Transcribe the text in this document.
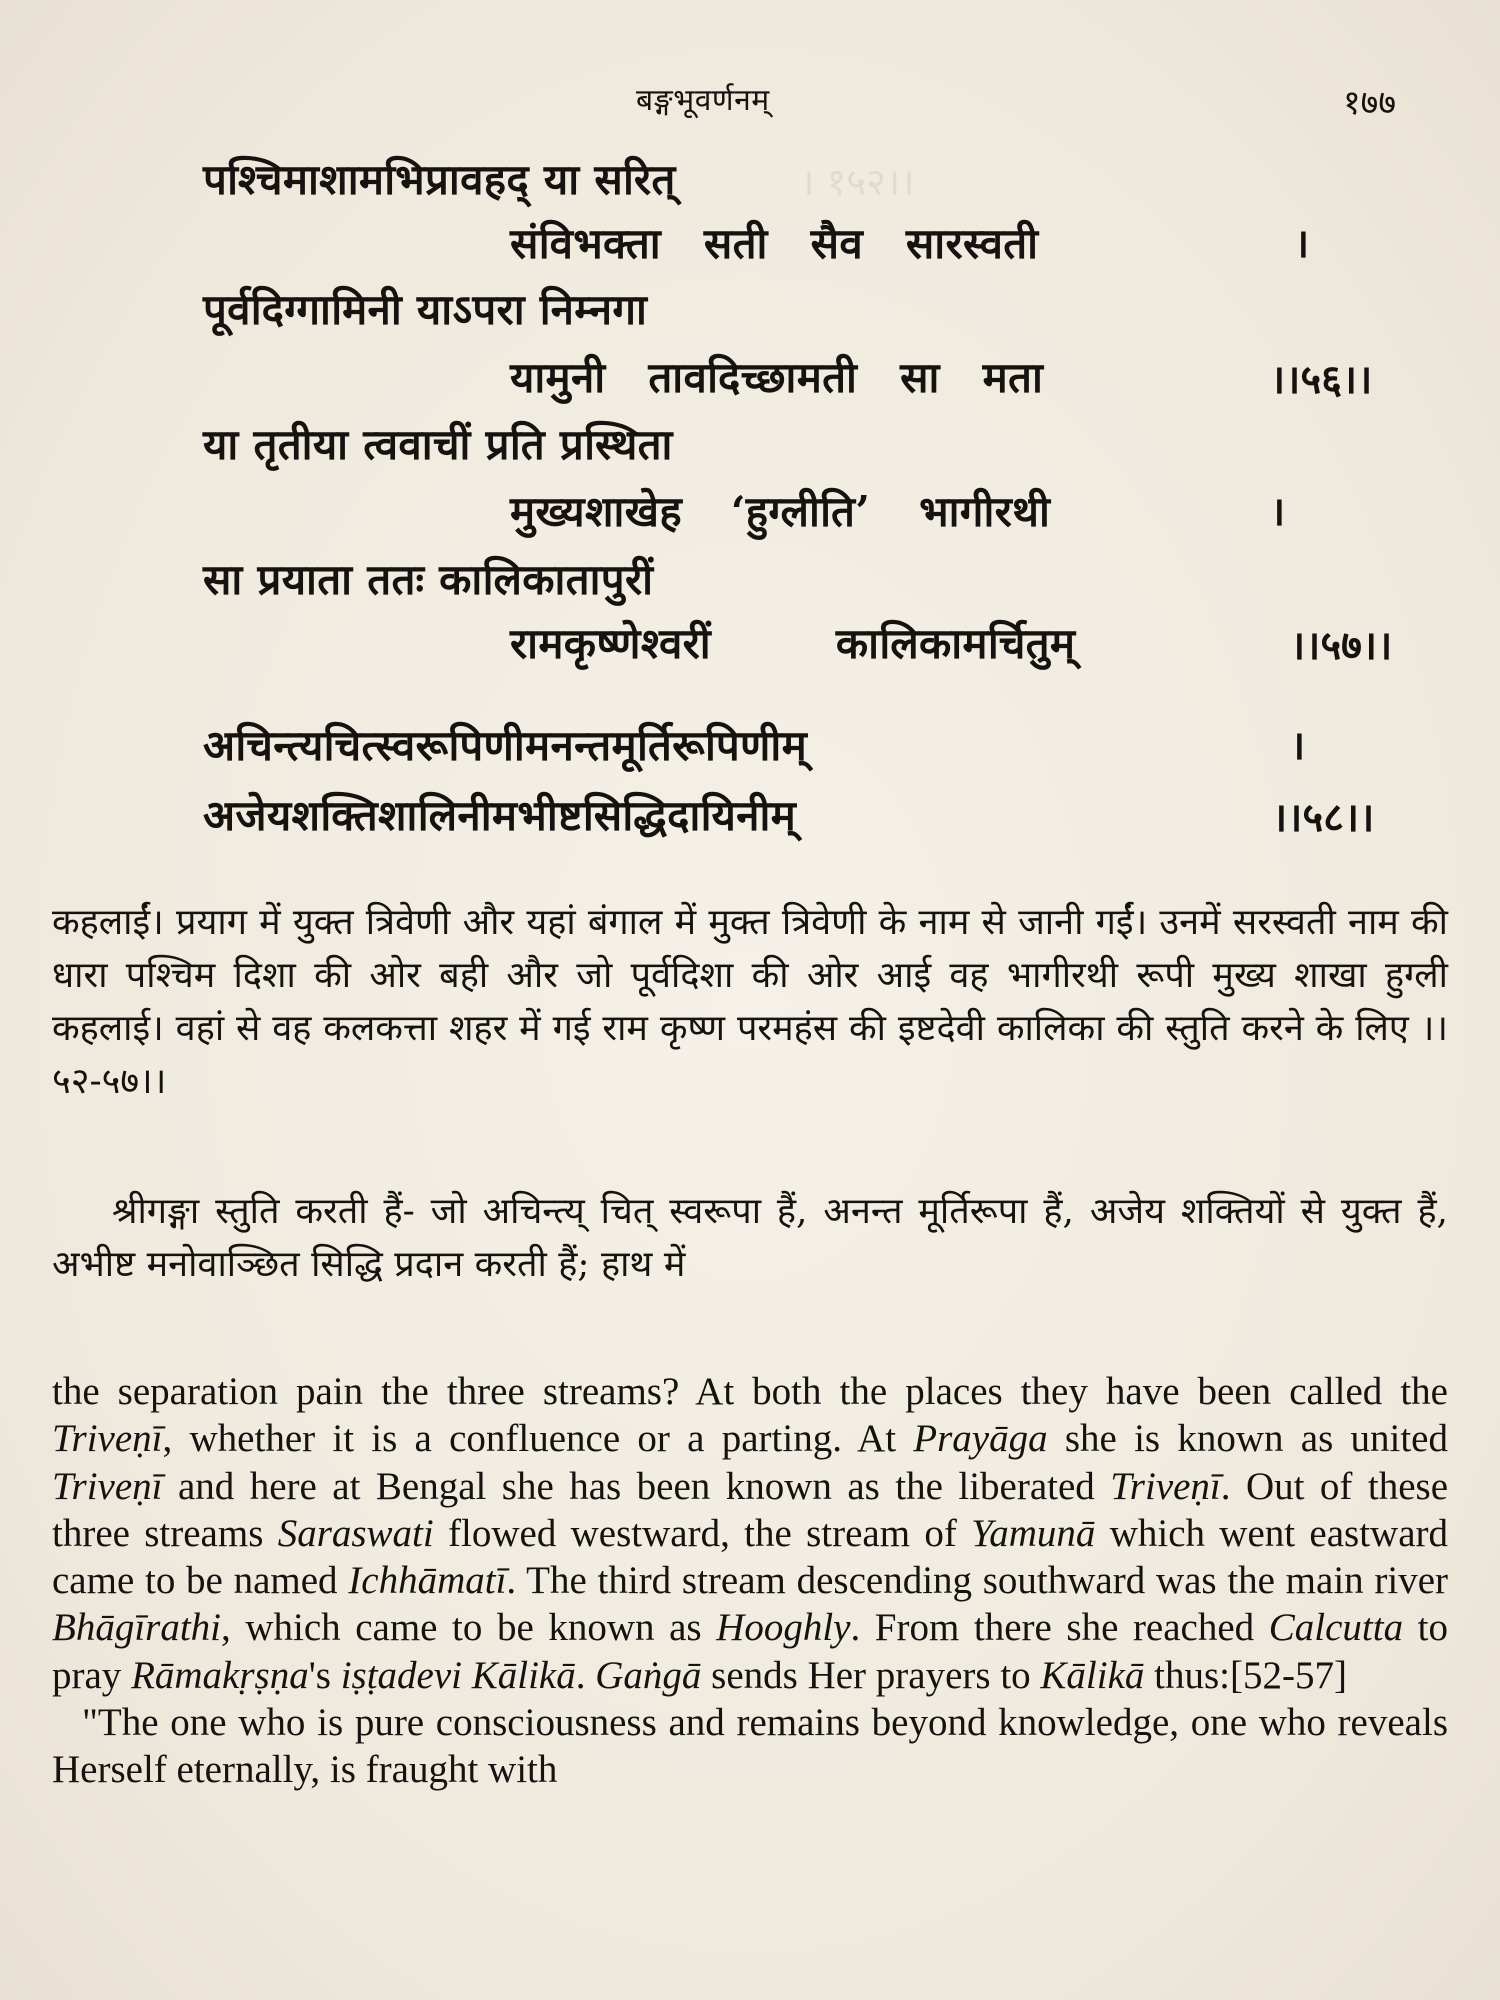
बङ्गभूवर्णनम्	१७७
। १५२।।
पश्चिमाशामभिप्रावहद् या सरित्
संविभक्ता सती सैव सारस्वती	।
पूर्वदिग्गामिनी याऽपरा निम्नगा
यामुनी तावदिच्छामती सा मता	।।५६।।
या तृतीया त्ववाचीं प्रति प्रस्थिता
मुख्यशाखेह ‘हुग्लीति’ भागीरथी	।
सा प्रयाता ततः कालिकातापुरीं
रामकृष्णेश्वरीं कालिकामर्चितुम्	।।५७।।
अचिन्त्यचित्स्वरूपिणीमनन्तमूर्तिरूपिणीम्	।
अजेयशक्तिशालिनीमभीष्टसिद्धिदायिनीम्	।।५८।।

कहलाईं। प्रयाग में युक्त त्रिवेणी और यहां बंगाल में मुक्त त्रिवेणी के नाम से जानी गईं। उनमें सरस्वती नाम की धारा पश्चिम दिशा की ओर बही और जो पूर्वदिशा की ओर आई वह भागीरथी रूपी मुख्य शाखा हुग्ली कहलाई। वहां से वह कलकत्ता शहर में गई राम कृष्ण परमहंस की इष्टदेवी कालिका की स्तुति करने के लिए ।।५२-५७।।

श्रीगङ्गा स्तुति करती हैं- जो अचिन्त्य् चित् स्वरूपा हैं, अनन्त मूर्तिरूपा हैं, अजेय शक्तियों से युक्त हैं, अभीष्ट मनोवाञ्छित सिद्धि प्रदान करती हैं; हाथ में

the separation pain the three streams? At both the places they have been called the Triveṇī, whether it is a confluence or a parting. At Prayāga she is known as united Triveṇī and here at Bengal she has been known as the liberated Triveṇī. Out of these three streams Saraswati flowed westward, the stream of Yamunā which went eastward came to be named Ichhāmatī. The third stream descending southward was the main river Bhāgīrathi, which came to be known as Hooghly. From there she reached Calcutta to pray Rāmakṛṣṇa's iṣṭadevi Kālikā. Gaṅgā sends Her prayers to Kālikā thus:[52-57]

"The one who is pure consciousness and remains beyond knowledge, one who reveals Herself eternally, is fraught with
